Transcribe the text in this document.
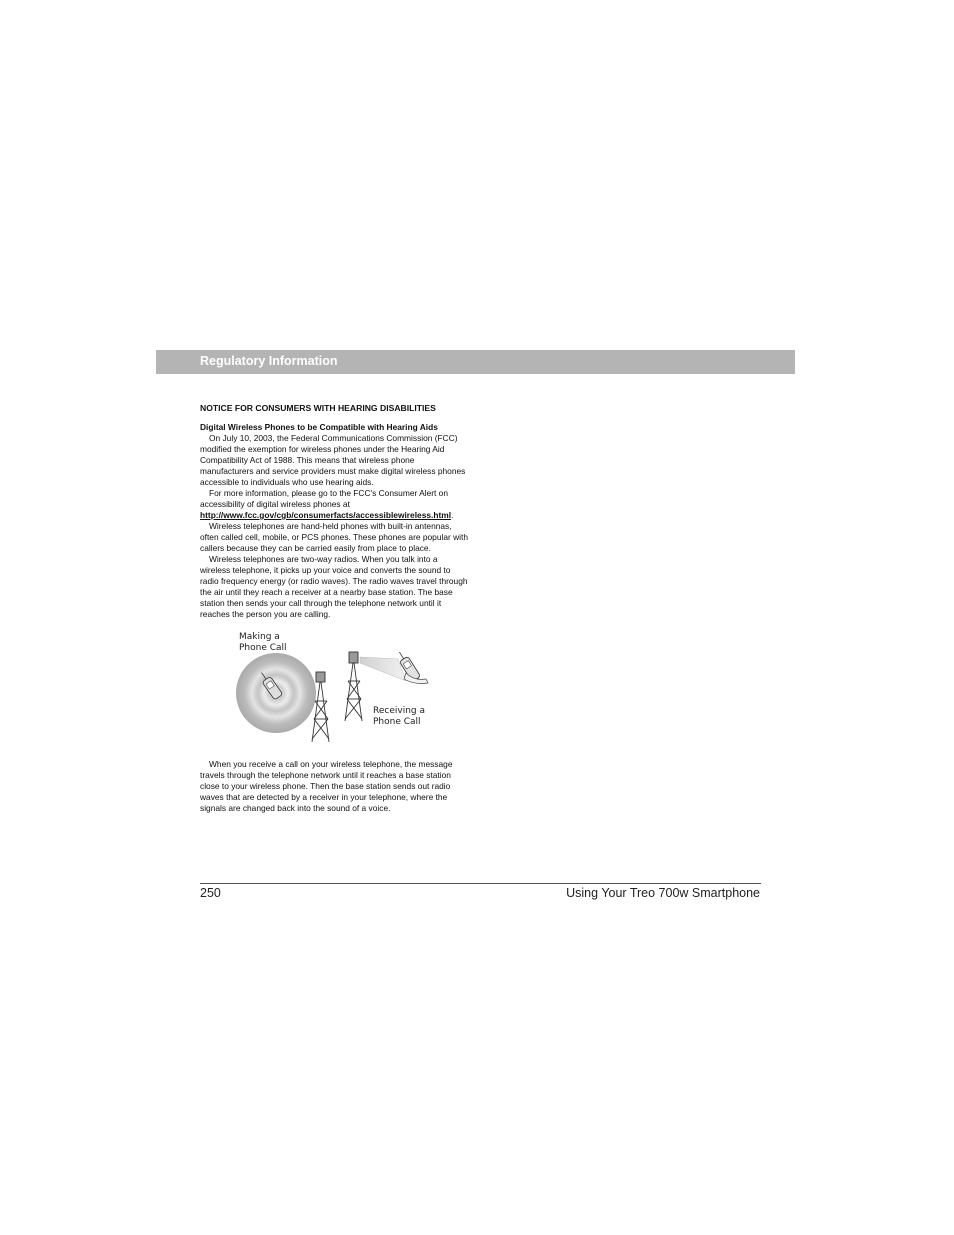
Regulatory Information

NOTICE FOR CONSUMERS WITH HEARING DISABILITIES

Digital Wireless Phones to be Compatible with Hearing Aids

On July 10, 2003, the Federal Communications Commission (FCC) modified the exemption for wireless phones under the Hearing Aid Compatibility Act of 1988. This means that wireless phone manufacturers and service providers must make digital wireless phones accessible to individuals who use hearing aids.

For more information, please go to the FCC's Consumer Alert on accessibility of digital wireless phones at http://www.fcc.gov/cgb/consumerfacts/accessiblewireless.html.

Wireless telephones are hand-held phones with built-in antennas, often called cell, mobile, or PCS phones. These phones are popular with callers because they can be carried easily from place to place.

Wireless telephones are two-way radios. When you talk into a wireless telephone, it picks up your voice and converts the sound to radio frequency energy (or radio waves). The radio waves travel through the air until they reach a receiver at a nearby base station. The base station then sends your call through the telephone network until it reaches the person you are calling.

Making a
Phone Call
Receiving a
Phone Call

When you receive a call on your wireless telephone, the message travels through the telephone network until it reaches a base station close to your wireless phone. Then the base station sends out radio waves that are detected by a receiver in your telephone, where the signals are changed back into the sound of a voice.

250	Using Your Treo 700w Smartphone
